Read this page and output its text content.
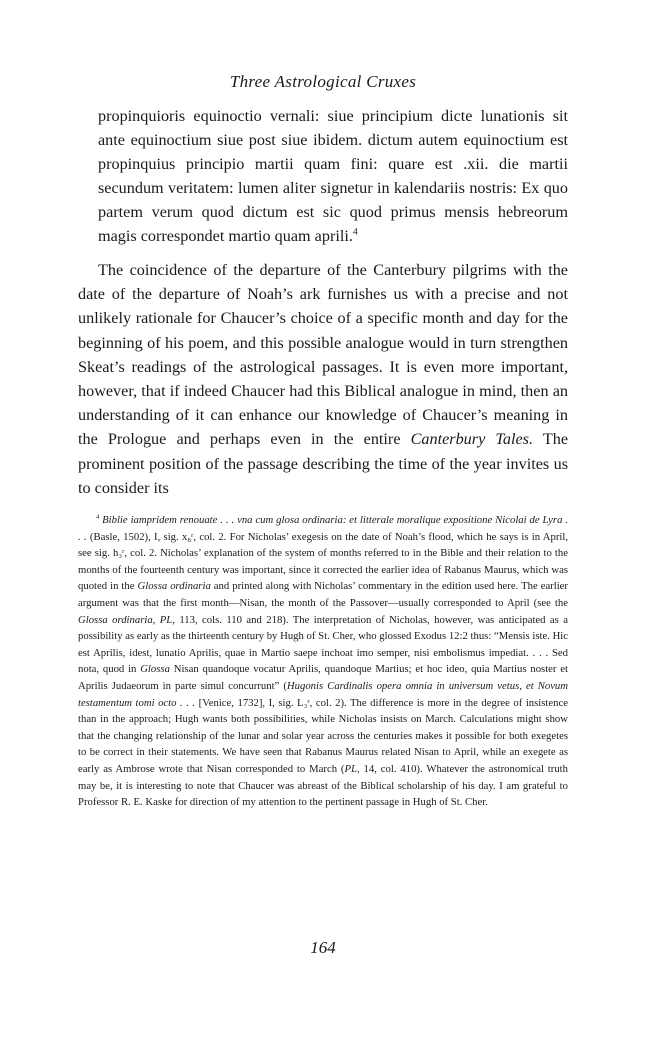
Three Astrological Cruxes

propinquioris equinoctio vernali: siue principium dicte lunationis sit ante equinoctium siue post siue ibidem. dictum autem equinoctium est propinquius principio martii quam fini: quare est .xii. die martii secundum veritatem: lumen aliter signetur in kalendariis nostris: Ex quo partem verum quod dictum est sic quod primus mensis hebreorum magis correspondet martio quam aprili.$^4$

The coincidence of the departure of the Canterbury pilgrims with the date of the departure of Noah’s ark furnishes us with a precise and not unlikely rationale for Chaucer’s choice of a specific month and day for the beginning of his poem, and this possible analogue would in turn strengthen Skeat’s readings of the astrological passages. It is even more important, however, that if indeed Chaucer had this Biblical analogue in mind, then an understanding of it can enhance our knowledge of Chaucer’s meaning in the Prologue and perhaps even in the entire Canterbury Tales. The prominent position of the passage describing the time of the year invites us to consider its

$^4$ Biblie iampridem renouate . . . vna cum glosa ordinaria: et litterale moralique expositione Nicolai de Lyra . . . (Basle, 1502), I, sig. x₈ʳ, col. 2. For Nicholas’ exegesis on the date of Noah’s flood, which he says is in April, see sig. h₃ʳ, col. 2. Nicholas’ explanation of the system of months referred to in the Bible and their relation to the months of the fourteenth century was important, since it corrected the earlier idea of Rabanus Maurus, which was quoted in the Glossa ordinaria and printed along with Nicholas’ commentary in the edition used here. The earlier argument was that the first month—Nisan, the month of the Passover—usually corresponded to April (see the Glossa ordinaria, PL, 113, cols. 110 and 218). The interpretation of Nicholas, however, was anticipated as a possibility as early as the thirteenth century by Hugh of St. Cher, who glossed Exodus 12:2 thus: “Mensis iste. Hic est Aprilis, idest, lunatio Aprilis, quae in Martio saepe inchoat imo semper, nisi embolismus impediat. . . . Sed nota, quod in Glossa Nisan quandoque vocatur Aprilis, quandoque Martius; et hoc ideo, quia Martius noster et Aprilis Judaeorum in parte simul concurrunt” (Hugonis Cardinalis opera omnia in universum vetus, et Novum testamentum tomi octo . . . [Venice, 1732], I, sig. L₃ʳ, col. 2). The difference is more in the degree of insistence than in the approach; Hugh wants both possibilities, while Nicholas insists on March. Calculations might show that the changing relationship of the lunar and solar year across the centuries makes it possible for both exegetes to be correct in their statements. We have seen that Rabanus Maurus related Nisan to April, while an exegete as early as Ambrose wrote that Nisan corresponded to March (PL, 14, col. 410). Whatever the astronomical truth may be, it is interesting to note that Chaucer was abreast of the Biblical scholarship of his day. I am grateful to Professor R. E. Kaske for direction of my attention to the pertinent passage in Hugh of St. Cher.

164
